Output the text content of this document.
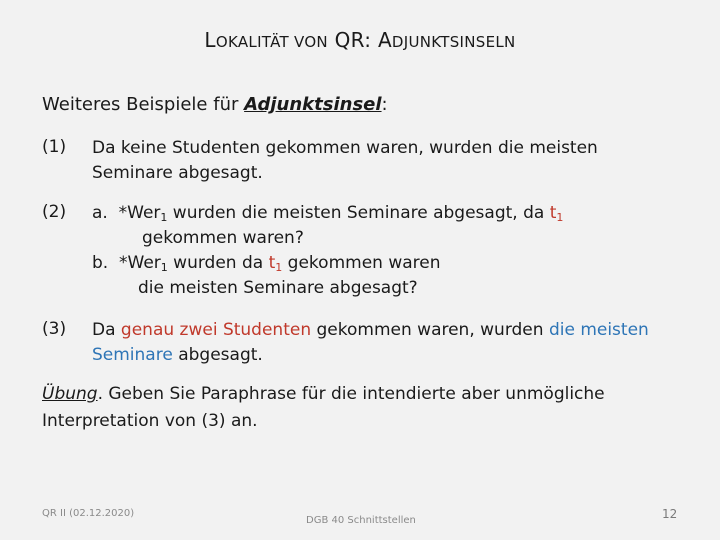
LOKALITÄT VON QR: ADJUNKTSINSELN
Weiteres Beispiele für Adjunktsinsel:
(1) Da keine Studenten gekommen waren, wurden die meisten
Seminare abgesagt.
(2) a. *Wer$_1$ wurden die meisten Seminare abgesagt, da $t_1$
gekommen waren?
b. *Wer$_1$ wurden da $t_1$ gekommen waren
die meisten Seminare abgesagt?
(3) Da genau zwei Studenten gekommen waren, wurden die meisten
Seminare abgesagt.
Übung. Geben Sie Paraphrase für die intendierte aber unmögliche
Interpretation von (3) an.
QR II (02.12.2020)
DGB 40 Schnittstellen	12
